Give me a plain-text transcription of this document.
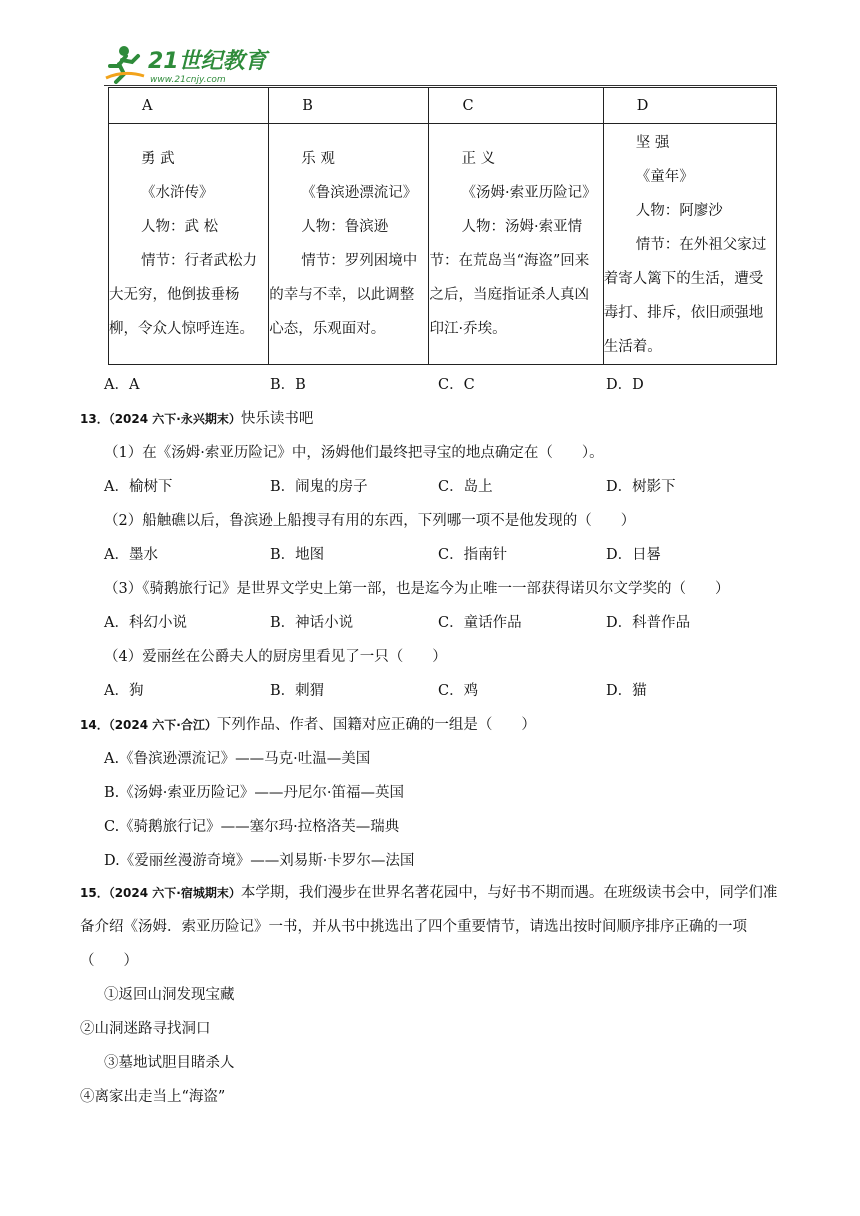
21世纪教育
www.21cnjy.com
A	B	C	D

勇 武
《水浒传》
人物：武 松
情节：行者武松力大无穷，他倒拔垂杨柳，令众人惊呼连连。	乐 观
《鲁滨逊漂流记》
人物：鲁滨逊
情节：罗列困境中的幸与不幸，以此调整心态，乐观面对。	正 义
《汤姆·索亚历险记》
人物：汤姆·索亚情
节：在荒岛当“海盗”回来之后，当庭指证杀人真凶印江·乔埃。	坚 强
《童年》
人物：阿廖沙
情节：在外祖父家过着寄人篱下的生活，遭受毒打、排斥，依旧顽强地生活着。
A．A	B．B	C．C	D．D
13．（2024 六下·永兴期末）快乐读书吧
（1）在《汤姆·索亚历险记》中，汤姆他们最终把寻宝的地点确定在（　　）。
A．榆树下	B．闹鬼的房子	C．岛上	D．树影下
（2）船触礁以后，鲁滨逊上船搜寻有用的东西，下列哪一项不是他发现的（　　）
A．墨水	B．地图	C．指南针	D．日晷
（3）《骑鹅旅行记》是世界文学史上第一部，也是迄今为止唯一一部获得诺贝尔文学奖的（　　）
A．科幻小说	B．神话小说	C．童话作品	D．科普作品
（4）爱丽丝在公爵夫人的厨房里看见了一只（　　）
A．狗	B．刺猬	C．鸡	D．猫
14．（2024 六下·合江）下列作品、作者、国籍对应正确的一组是（　　）
A.《鲁滨逊漂流记》——马克·吐温—美国
B.《汤姆·索亚历险记》——丹尼尔·笛福—英国
C.《骑鹅旅行记》——塞尔玛·拉格洛芙—瑞典
D.《爱丽丝漫游奇境》——刘易斯·卡罗尔—法国
15．（2024 六下·宿城期末）本学期，我们漫步在世界名著花园中，与好书不期而遇。在班级读书会中，同学们准备介绍《汤姆．索亚历险记》一书，并从书中挑选出了四个重要情节，请选出按时间顺序排序正确的一项（　　）
①返回山洞发现宝藏
②山洞迷路寻找洞口
③墓地试胆目睹杀人
④离家出走当上“海盗”
